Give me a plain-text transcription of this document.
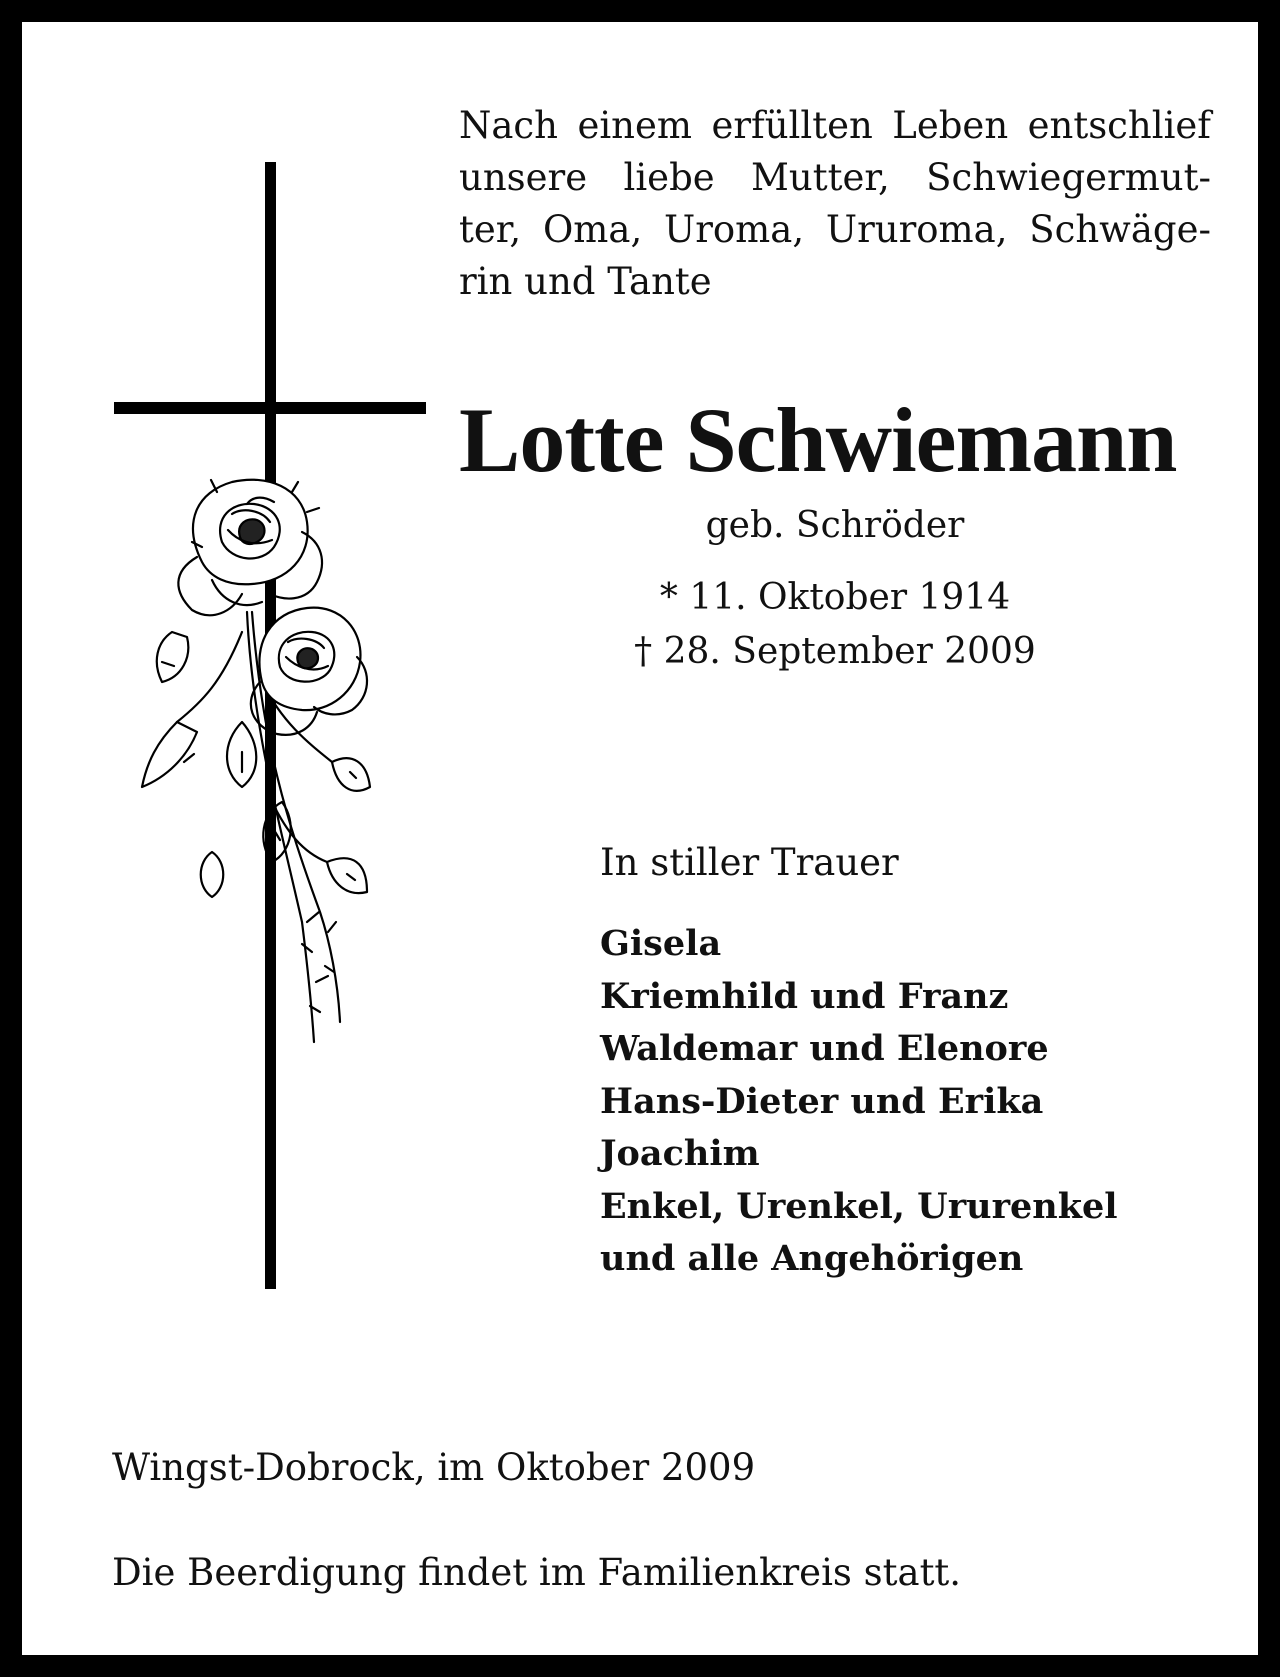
Nach einem erfüllten Leben entschlief
unsere liebe Mutter, Schwiegermut-
ter, Oma, Uroma, Ururoma, Schwäge-
rin und Tante
Lotte Schwiemann
geb. Schröder
* 11. Oktober 1914
† 28. September 2009
In stiller Trauer
Gisela
Kriemhild und Franz
Waldemar und Elenore
Hans-Dieter und Erika
Joachim
Enkel, Urenkel, Ururenkel
und alle Angehörigen
Wingst-Dobrock, im Oktober 2009
Die Beerdigung findet im Familienkreis statt.
